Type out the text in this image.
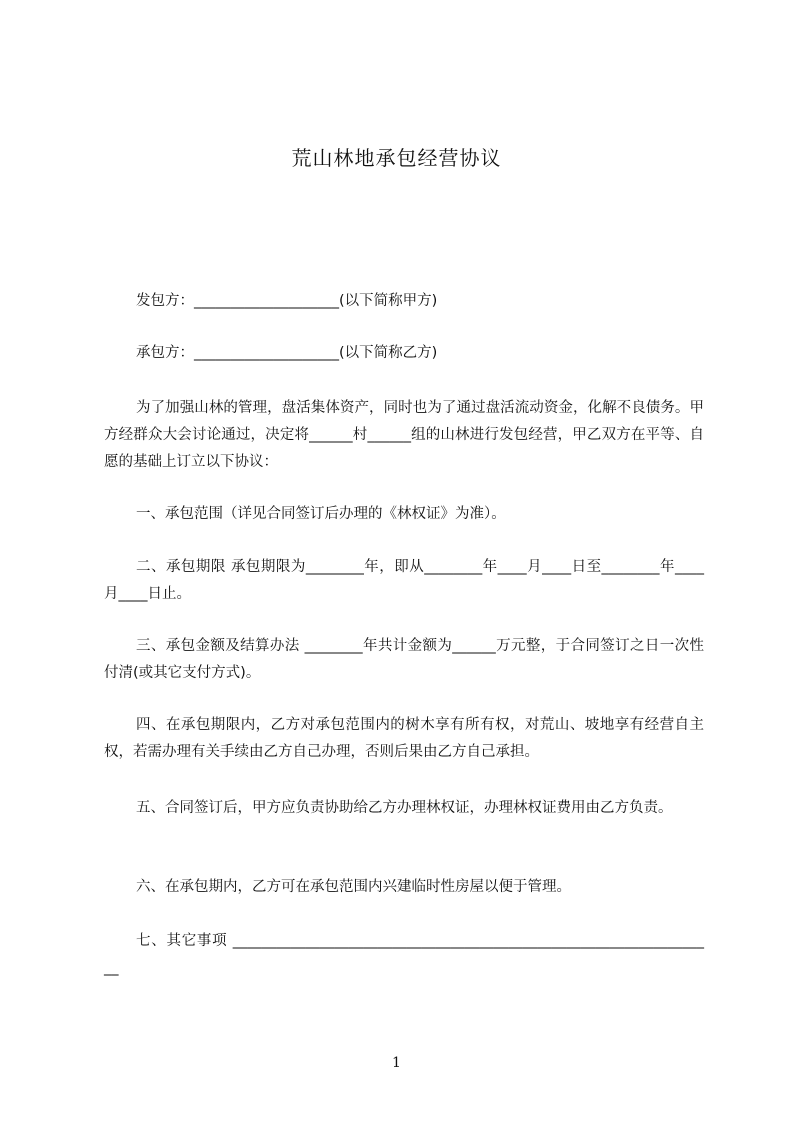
荒山林地承包经营协议

发包方：____________________(以下简称甲方)

承包方：____________________(以下简称乙方)

为了加强山林的管理，盘活集体资产，同时也为了通过盘活流动资金，化解不良债务。甲方经群众大会讨论通过，决定将______村______组的山林进行发包经营，甲乙双方在平等、自愿的基础上订立以下协议：

一、承包范围（详见合同签订后办理的《林权证》为准）。

二、承包期限 承包期限为________年，即从________年____月____日至________年____月____日止。

三、承包金额及结算办法 ________年共计金额为______万元整，于合同签订之日一次性付清(或其它支付方式)。

四、在承包期限内，乙方对承包范围内的树木享有所有权，对荒山、坡地享有经营自主权，若需办理有关手续由乙方自己办理，否则后果由乙方自己承担。

五、合同签订后，甲方应负责协助给乙方办理林权证，办理林权证费用由乙方负责。

六、在承包期内，乙方可在承包范围内兴建临时性房屋以便于管理。

七、其它事项 ___________________________________________________________________

1
